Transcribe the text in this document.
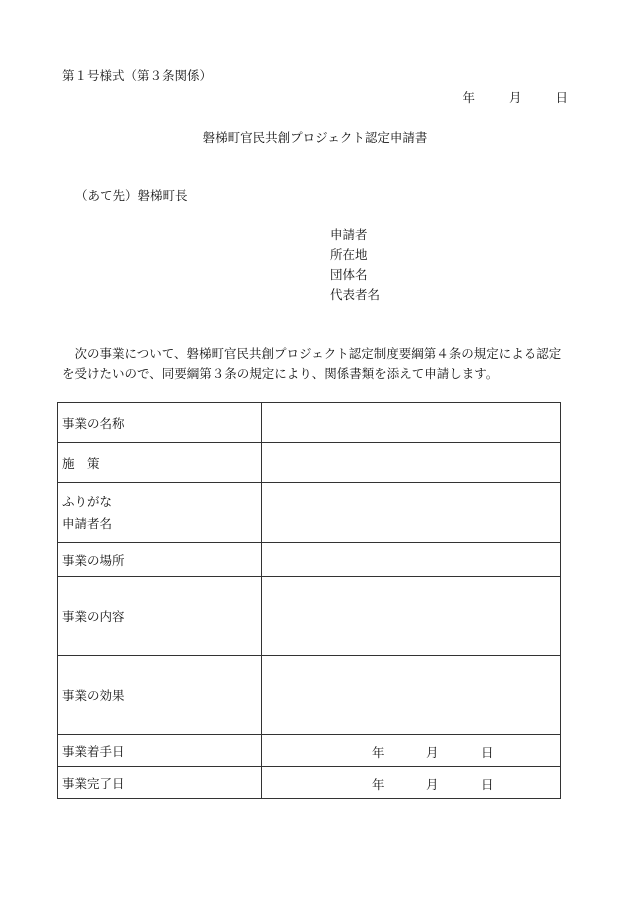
第１号様式（第３条関係）
年	月	日
磐梯町官民共創プロジェクト認定申請書
（あて先）磐梯町長
申請者
所在地
団体名
代表者名
次の事業について、磐梯町官民共創プロジェクト認定制度要綱第４条の規定による認定を受けたいので、同要綱第３条の規定により、関係書類を添えて申請します。
事業の名称	
施　策	

ふりがな
申請者名	

事業の場所	
事業の内容	
事業の効果	
事業着手日	年 月 日

事業完了日	年 月 日
